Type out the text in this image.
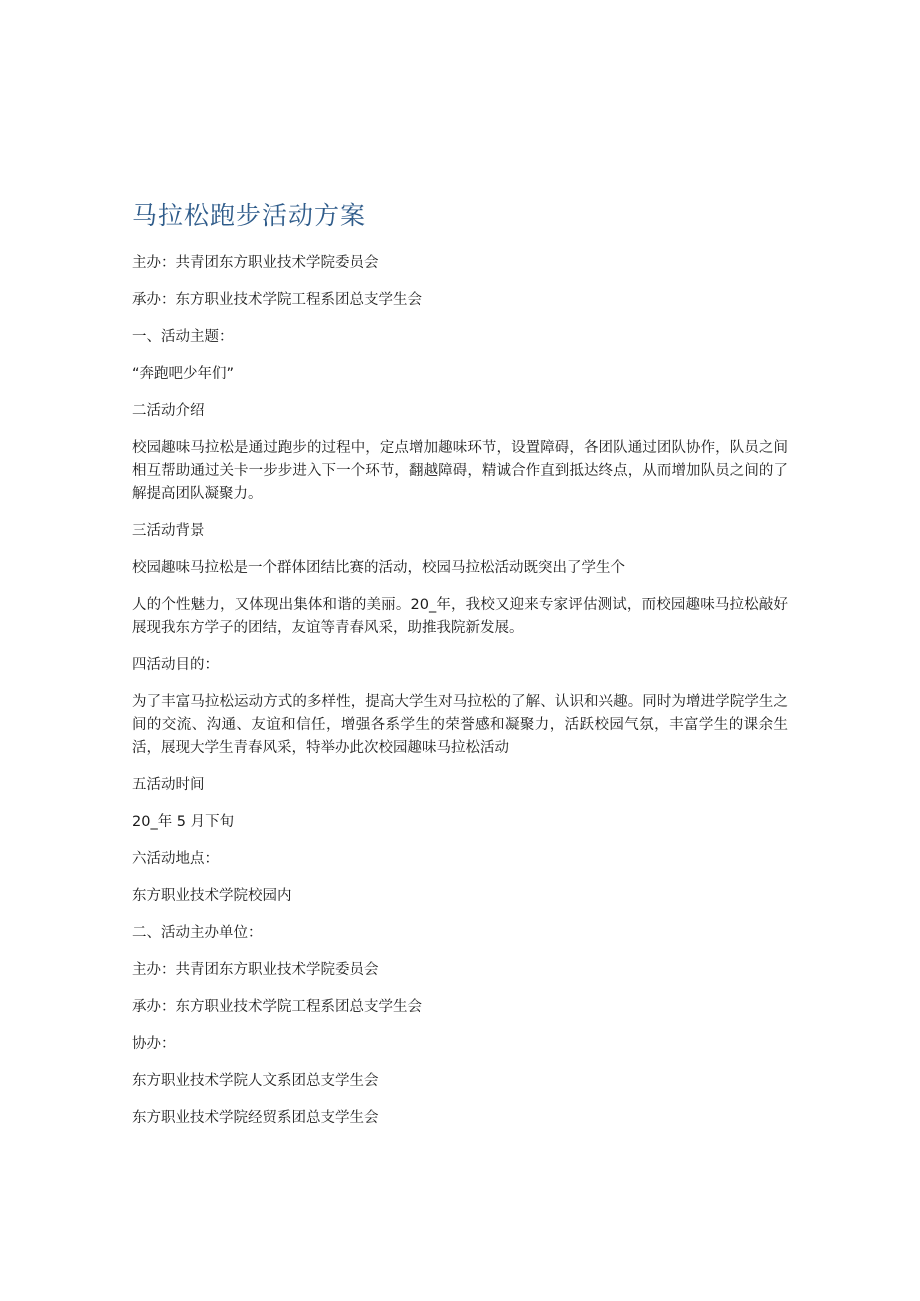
马拉松跑步活动方案

主办：共青团东方职业技术学院委员会

承办：东方职业技术学院工程系团总支学生会

一、活动主题：

“奔跑吧少年们”

二活动介绍

校园趣味马拉松是通过跑步的过程中，定点增加趣味环节，设置障碍，各团队通过团队协作，队员之间相互帮助通过关卡一步步进入下一个环节，翻越障碍，精诚合作直到抵达终点，从而增加队员之间的了解提高团队凝聚力。

三活动背景

校园趣味马拉松是一个群体团结比赛的活动，校园马拉松活动既突出了学生个

人的个性魅力，又体现出集体和谐的美丽。20_年，我校又迎来专家评估测试，而校园趣味马拉松敲好展现我东方学子的团结，友谊等青春风采，助推我院新发展。

四活动目的：

为了丰富马拉松运动方式的多样性，提高大学生对马拉松的了解、认识和兴趣。同时为增进学院学生之间的交流、沟通、友谊和信任，增强各系学生的荣誉感和凝聚力，活跃校园气氛，丰富学生的课余生活，展现大学生青春风采，特举办此次校园趣味马拉松活动

五活动时间

20_年 5 月下旬

六活动地点：

东方职业技术学院校园内

二、活动主办单位：

主办：共青团东方职业技术学院委员会

承办：东方职业技术学院工程系团总支学生会

协办：

东方职业技术学院人文系团总支学生会

东方职业技术学院经贸系团总支学生会
